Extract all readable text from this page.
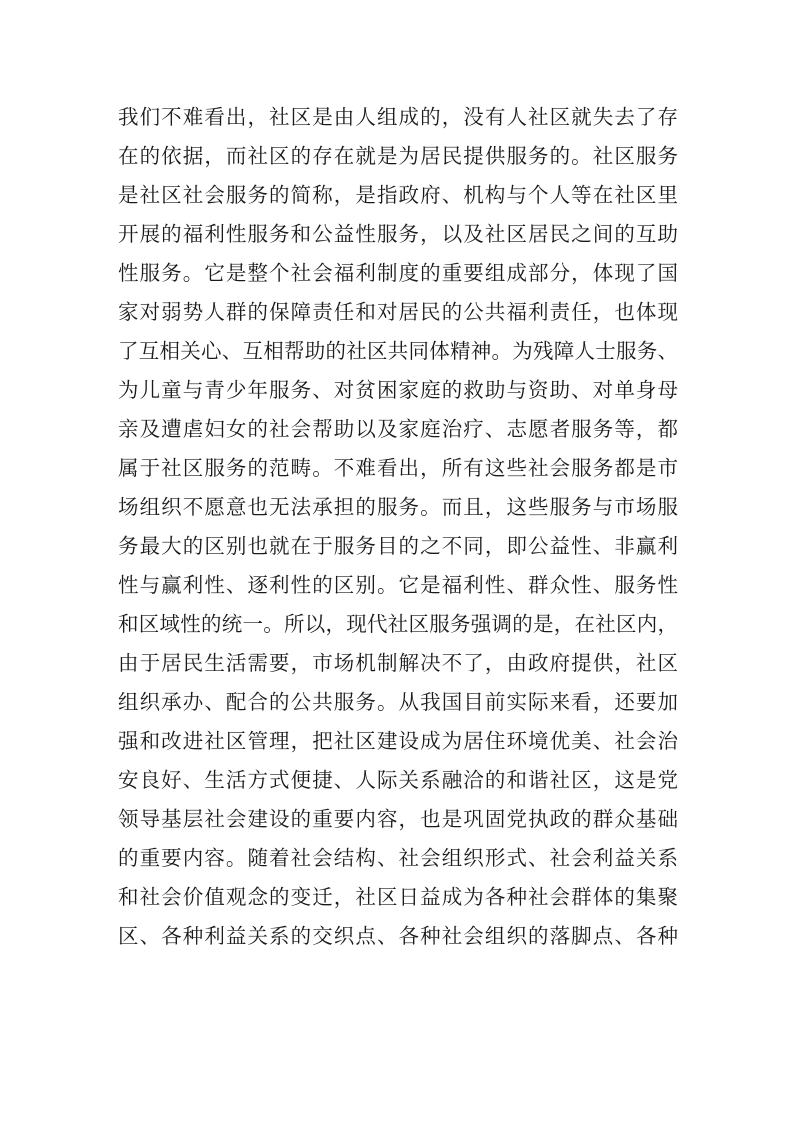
我们不难看出，社区是由人组成的，没有人社区就失去了存
在的依据，而社区的存在就是为居民提供服务的。社区服务
是社区社会服务的简称，是指政府、机构与个人等在社区里
开展的福利性服务和公益性服务，以及社区居民之间的互助
性服务。它是整个社会福利制度的重要组成部分，体现了国
家对弱势人群的保障责任和对居民的公共福利责任，也体现
了互相关心、互相帮助的社区共同体精神。为残障人士服务、
为儿童与青少年服务、对贫困家庭的救助与资助、对单身母
亲及遭虐妇女的社会帮助以及家庭治疗、志愿者服务等，都
属于社区服务的范畴。不难看出，所有这些社会服务都是市
场组织不愿意也无法承担的服务。而且，这些服务与市场服
务最大的区别也就在于服务目的之不同，即公益性、非赢利
性与赢利性、逐利性的区别。它是福利性、群众性、服务性
和区域性的统一。所以，现代社区服务强调的是，在社区内，
由于居民生活需要，市场机制解决不了，由政府提供，社区
组织承办、配合的公共服务。从我国目前实际来看，还要加
强和改进社区管理，把社区建设成为居住环境优美、社会治
安良好、生活方式便捷、人际关系融洽的和谐社区，这是党
领导基层社会建设的重要内容，也是巩固党执政的群众基础
的重要内容。随着社会结构、社会组织形式、社会利益关系
和社会价值观念的变迁，社区日益成为各种社会群体的集聚
区、各种利益关系的交织点、各种社会组织的落脚点、各种
